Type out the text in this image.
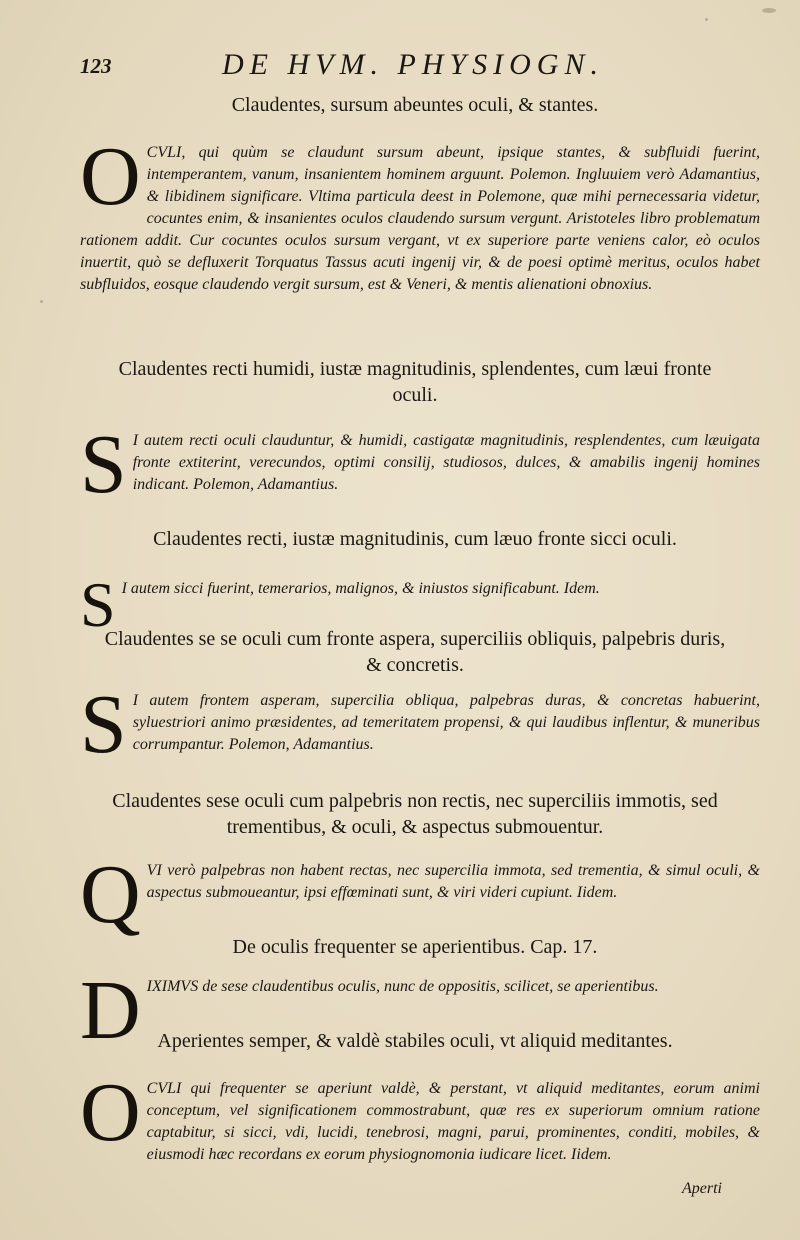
123	DE HVM. PHYSIOGN.
Claudentes, sursum abeuntes oculi, & stantes.
OCVLI, qui quùm se claudunt sursum abeunt, ipsique stantes, & subfluidi fuerint, intemperantem, vanum, insanientem hominem arguunt. Polemon. Ingluuiem verò Adamantius, & libidinem significare. Vltima particula deest in Polemone, quæ mihi pernecessaria videtur, cocuntes enim, & insanientes oculos claudendo sursum vergunt. Aristoteles libro problematum rationem addit. Cur cocuntes oculos sursum vergant, vt ex superiore parte veniens calor, eò oculos inuertit, quò se defluxerit Torquatus Tassus acuti ingenij vir, & de poesi optimè meritus, oculos habet subfluidos, eosque claudendo vergit sursum, est & Veneri, & mentis alienationi obnoxius.
Claudentes recti humidi, iustæ magnitudinis, splendentes, cum læui fronte oculi.
S I autem recti oculi clauduntur, & humidi, castigatæ magnitudinis, resplendentes, cum læuigata fronte extiterint, verecundos, optimi consilij, studiosos, dulces, & amabilis ingenij homines indicant. Polemon, Adamantius.
Claudentes recti, iustæ magnitudinis, cum læuo fronte sicci oculi.
S I autem sicci fuerint, temerarios, malignos, & iniustos significabunt. Idem.
Claudentes se se oculi cum fronte aspera, superciliis obliquis, palpebris duris, & concretis.
S I autem frontem asperam, supercilia obliqua, palpebras duras, & concretas habuerint, syluestriori animo præsidentes, ad temeritatem propensi, & qui laudibus inflentur, & muneribus corrumpantur. Polemon, Adamantius.
Claudentes sese oculi cum palpebris non rectis, nec superciliis immotis, sed trementibus, & oculi, & aspectus submouentur.
QVI verò palpebras non habent rectas, nec supercilia immota, sed trementia, & simul oculi, & aspectus submoueantur, ipsi effœminati sunt, & viri videri cupiunt. Iidem.
De oculis frequenter se aperientibus. Cap. 17.
DIXIMVS de sese claudentibus oculis, nunc de oppositis, scilicet, se aperientibus.
Aperientes semper, & valdè stabiles oculi, vt aliquid meditantes.
OCVLI qui frequenter se aperiunt valdè, & perstant, vt aliquid meditantes, eorum animi conceptum, vel significationem commostrabunt, quæ res ex superiorum omnium ratione captabitur, si sicci, vdi, lucidi, tenebrosi, magni, parui, prominentes, conditi, mobiles, & eiusmodi hæc recordans ex eorum physiognomonia iudicare licet. Iidem.
Aperti
